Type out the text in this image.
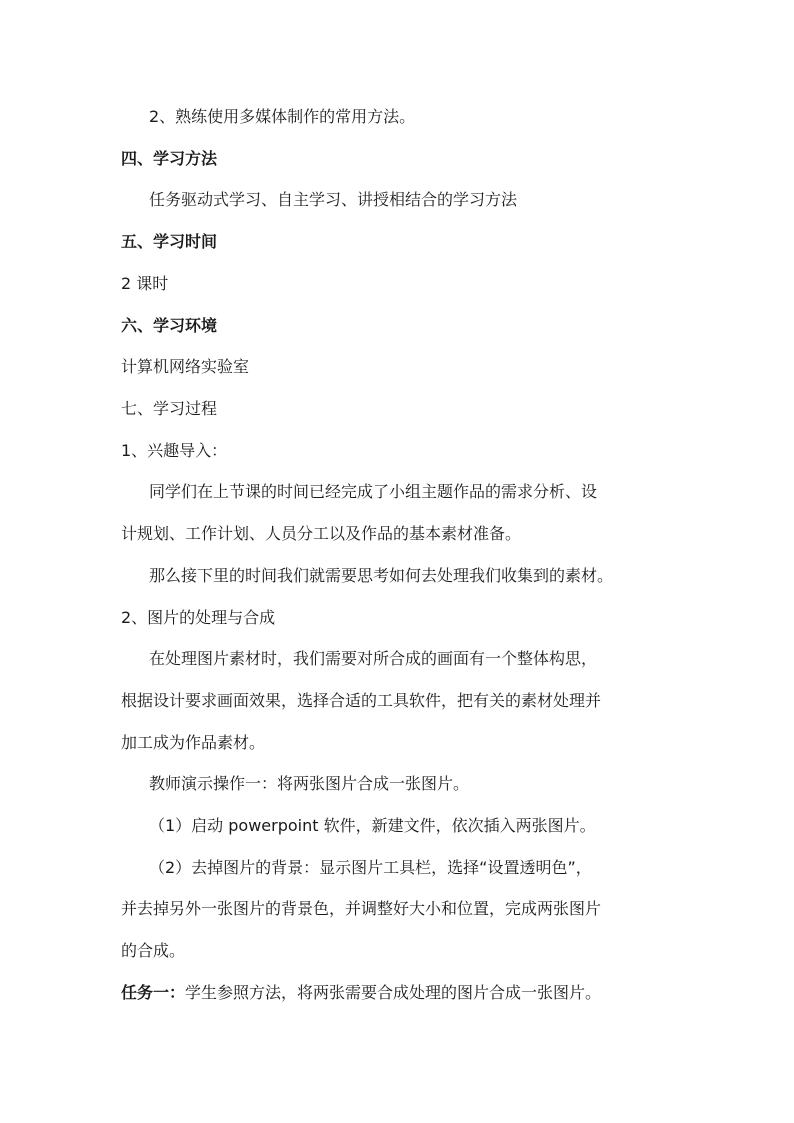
2、熟练使用多媒体制作的常用方法。

四、学习方法

任务驱动式学习、自主学习、讲授相结合的学习方法

五、学习时间

2 课时

六、学习环境

计算机网络实验室

七、学习过程

1、兴趣导入：

同学们在上节课的时间已经完成了小组主题作品的需求分析、设

计规划、工作计划、人员分工以及作品的基本素材准备。

那么接下里的时间我们就需要思考如何去处理我们收集到的素材。

2、图片的处理与合成

在处理图片素材时，我们需要对所合成的画面有一个整体构思，

根据设计要求画面效果，选择合适的工具软件，把有关的素材处理并

加工成为作品素材。

教师演示操作一：将两张图片合成一张图片。

（1）启动 powerpoint 软件，新建文件，依次插入两张图片。

（2）去掉图片的背景：显示图片工具栏，选择“设置透明色”，

并去掉另外一张图片的背景色，并调整好大小和位置，完成两张图片

的合成。

任务一：学生参照方法，将两张需要合成处理的图片合成一张图片。
